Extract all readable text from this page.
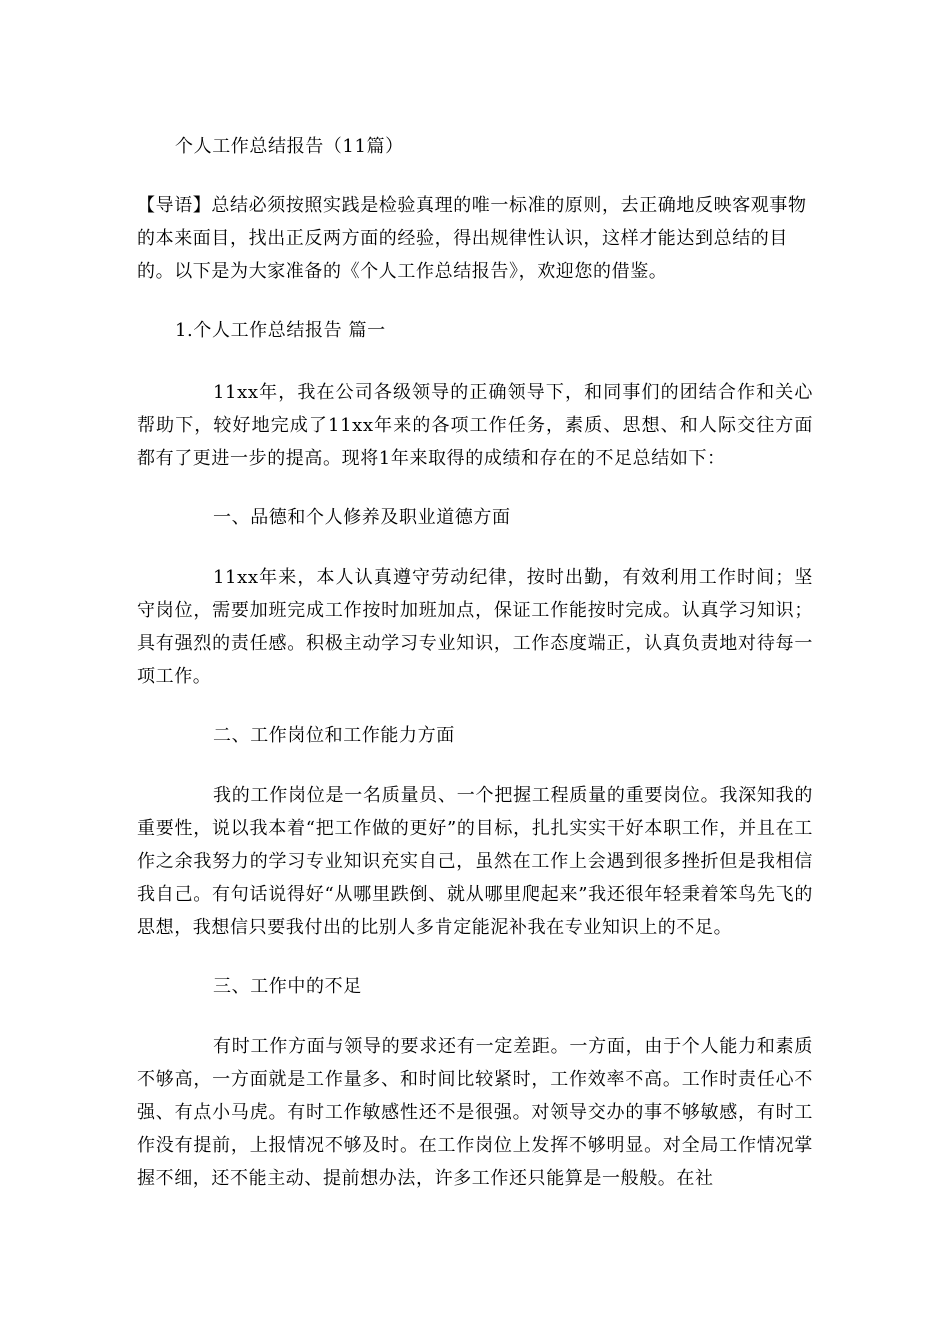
个人工作总结报告（11篇）
【导语】总结必须按照实践是检验真理的唯一标准的原则，去正确地反映客观事物的本来面目，找出正反两方面的经验，得出规律性认识，这样才能达到总结的目的。以下是为大家准备的《个人工作总结报告》，欢迎您的借鉴。
1.个人工作总结报告 篇一
11xx年，我在公司各级领导的正确领导下，和同事们的团结合作和关心帮助下，较好地完成了11xx年来的各项工作任务，素质、思想、和人际交往方面都有了更进一步的提高。现将1年来取得的成绩和存在的不足总结如下：
一、品德和个人修养及职业道德方面
11xx年来，本人认真遵守劳动纪律，按时出勤，有效利用工作时间；坚守岗位，需要加班完成工作按时加班加点，保证工作能按时完成。认真学习知识；具有强烈的责任感。积极主动学习专业知识，工作态度端正，认真负责地对待每一项工作。
二、工作岗位和工作能力方面
我的工作岗位是一名质量员、一个把握工程质量的重要岗位。我深知我的重要性，说以我本着“把工作做的更好”的目标，扎扎实实干好本职工作，并且在工作之余我努力的学习专业知识充实自己，虽然在工作上会遇到很多挫折但是我相信我自己。有句话说得好“从哪里跌倒、就从哪里爬起来”我还很年轻秉着笨鸟先飞的思想，我想信只要我付出的比别人多肯定能泥补我在专业知识上的不足。
三、工作中的不足
有时工作方面与领导的要求还有一定差距。一方面，由于个人能力和素质不够高，一方面就是工作量多、和时间比较紧时，工作效率不高。工作时责任心不强、有点小马虎。有时工作敏感性还不是很强。对领导交办的事不够敏感，有时工作没有提前，上报情况不够及时。在工作岗位上发挥不够明显。对全局工作情况掌握不细，还不能主动、提前想办法，许多工作还只能算是一般般。在社
